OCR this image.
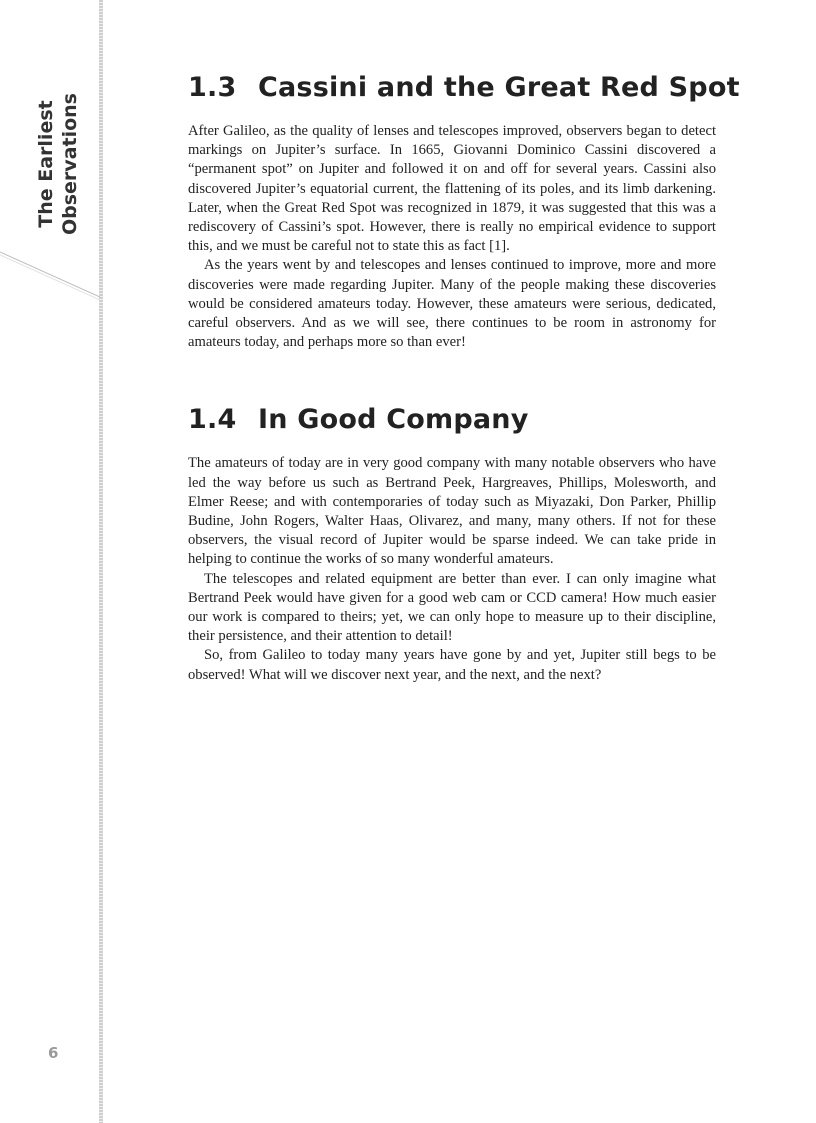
The Earliest Observations
6
1.3 Cassini and the Great Red Spot

After Galileo, as the quality of lenses and telescopes improved, observers began to detect markings on Jupiter’s surface. In 1665, Giovanni Dominico Cassini discovered a “permanent spot” on Jupiter and followed it on and off for several years. Cassini also discovered Jupiter’s equatorial current, the flattening of its poles, and its limb darkening. Later, when the Great Red Spot was recognized in 1879, it was suggested that this was a rediscovery of Cassini’s spot. However, there is really no empirical evidence to support this, and we must be careful not to state this as fact [1].

As the years went by and telescopes and lenses continued to improve, more and more discoveries were made regarding Jupiter. Many of the people making these discoveries would be considered amateurs today. However, these amateurs were serious, dedicated, careful observers. And as we will see, there continues to be room in astronomy for amateurs today, and perhaps more so than ever!

1.4 In Good Company

The amateurs of today are in very good company with many notable observers who have led the way before us such as Bertrand Peek, Hargreaves, Phillips, Molesworth, and Elmer Reese; and with contemporaries of today such as Miyazaki, Don Parker, Phillip Budine, John Rogers, Walter Haas, Olivarez, and many, many others. If not for these observers, the visual record of Jupiter would be sparse indeed. We can take pride in helping to continue the works of so many wonderful amateurs.

The telescopes and related equipment are better than ever. I can only imagine what Bertrand Peek would have given for a good web cam or CCD camera! How much easier our work is compared to theirs; yet, we can only hope to measure up to their discipline, their persistence, and their attention to detail!

So, from Galileo to today many years have gone by and yet, Jupiter still begs to be observed! What will we discover next year, and the next, and the next?
